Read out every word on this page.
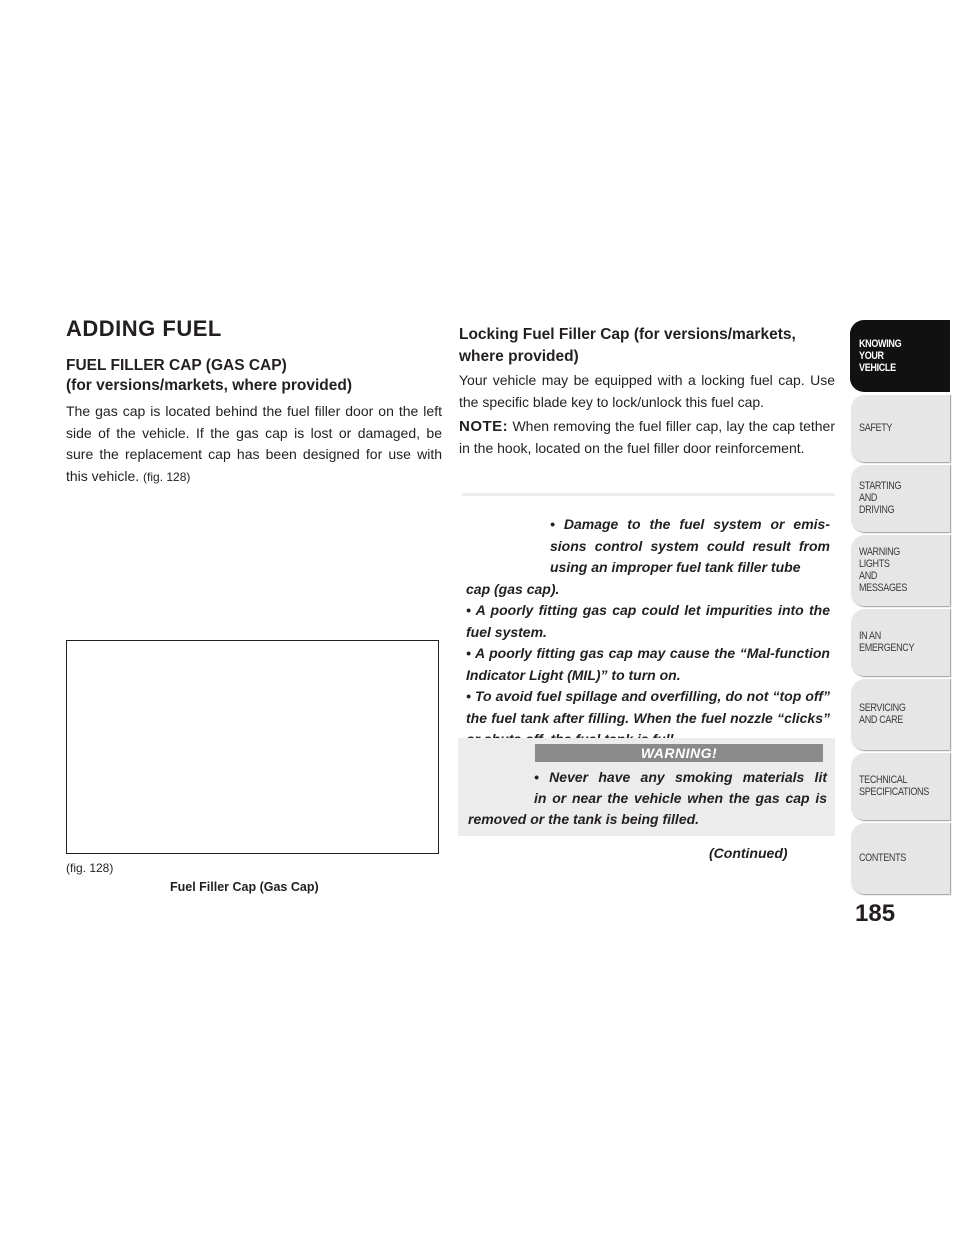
ADDING FUEL
FUEL FILLER CAP (GAS CAP)
(for versions/markets, where provided)

The gas cap is located behind the fuel filler door on the left side of the vehicle. If the gas cap is lost or damaged, be sure the replacement cap has been designed for use with this vehicle. (fig. 128)

(fig. 128)
Fuel Filler Cap (Gas Cap)
Locking Fuel Filler Cap (for versions/markets, where provided)

Your vehicle may be equipped with a locking fuel cap. Use the specific blade key to lock/unlock this fuel cap.

NOTE: When removing the fuel filler cap, lay the cap tether in the hook, located on the fuel filler door reinforcement.

• Damage to the fuel system or emis-
sions control system could result from
using an improper fuel tank filler tube
cap (gas cap).
• A poorly fitting gas cap could let impurities into the fuel system.
• A poorly fitting gas cap may cause the “Mal-function Indicator Light (MIL)” to turn on.
• To avoid fuel spillage and overfilling, do not “top off” the fuel tank after filling. When the fuel nozzle “clicks”
WARNING!
• Never have any smoking materials lit
in or near the vehicle when the gas cap is
removed or the tank is being filled.
(Continued)
KNOWING
YOUR
VEHICLE
SAFETY
STARTING
AND
DRIVING
WARNING
LIGHTS
AND
MESSAGES
IN AN
EMERGENCY
SERVICING
AND CARE
TECHNICAL
SPECIFICATIONS
CONTENTS
185
